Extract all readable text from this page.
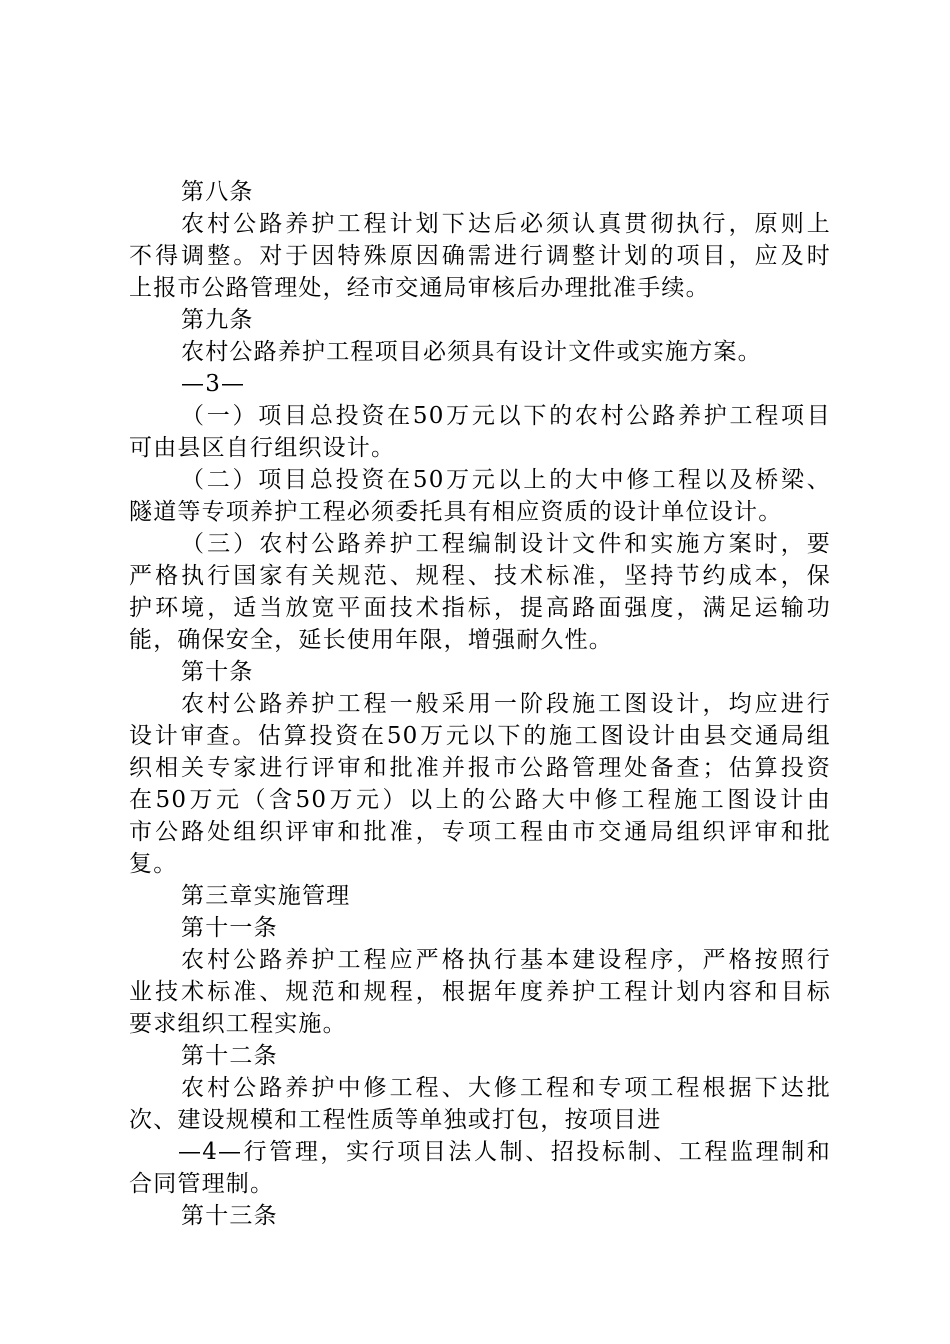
第八条
农村公路养护工程计划下达后必须认真贯彻执行，原则上
不得调整。对于因特殊原因确需进行调整计划的项目，应及时
上报市公路管理处，经市交通局审核后办理批准手续。
第九条
农村公路养护工程项目必须具有设计文件或实施方案。
—3—
（一）项目总投资在50万元以下的农村公路养护工程项目
可由县区自行组织设计。
（二）项目总投资在50万元以上的大中修工程以及桥梁、
隧道等专项养护工程必须委托具有相应资质的设计单位设计。
（三）农村公路养护工程编制设计文件和实施方案时，要
严格执行国家有关规范、规程、技术标准，坚持节约成本，保
护环境，适当放宽平面技术指标，提高路面强度，满足运输功
能，确保安全，延长使用年限，增强耐久性。
第十条
农村公路养护工程一般采用一阶段施工图设计，均应进行
设计审查。估算投资在50万元以下的施工图设计由县交通局组
织相关专家进行评审和批准并报市公路管理处备查；估算投资
在50万元（含50万元）以上的公路大中修工程施工图设计由
市公路处组织评审和批准，专项工程由市交通局组织评审和批
复。
第三章实施管理
第十一条
农村公路养护工程应严格执行基本建设程序，严格按照行
业技术标准、规范和规程，根据年度养护工程计划内容和目标
要求组织工程实施。
第十二条
农村公路养护中修工程、大修工程和专项工程根据下达批
次、建设规模和工程性质等单独或打包，按项目进
—4—行管理，实行项目法人制、招投标制、工程监理制和
合同管理制。
第十三条
